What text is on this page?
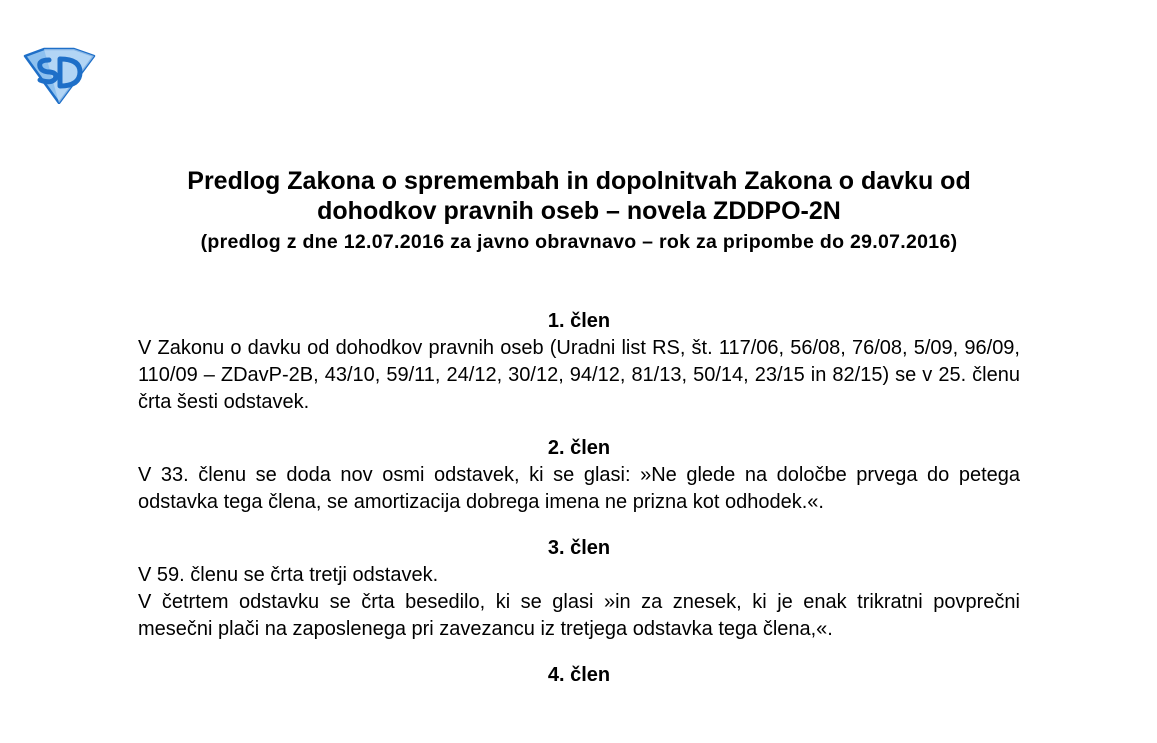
Predlog Zakona o spremembah in dopolnitvah Zakona o davku od dohodkov pravnih oseb – novela ZDDPO-2N
(predlog z dne 12.07.2016 za javno obravnavo – rok za pripombe do 29.07.2016)
1. člen

V Zakonu o davku od dohodkov pravnih oseb (Uradni list RS, št. 117/06, 56/08, 76/08, 5/09, 96/09, 110/09 – ZDavP-2B, 43/10, 59/11, 24/12, 30/12, 94/12, 81/13, 50/14, 23/15 in 82/15) se v 25. členu črta šesti odstavek.

2. člen

V 33. členu se doda nov osmi odstavek, ki se glasi: »Ne glede na določbe prvega do petega odstavka tega člena, se amortizacija dobrega imena ne prizna kot odhodek.«.

3. člen

V 59. členu se črta tretji odstavek.

V četrtem odstavku se črta besedilo, ki se glasi »in za znesek, ki je enak trikratni povprečni mesečni plači na zaposlenega pri zavezancu iz tretjega odstavka tega člena,«.

4. člen
